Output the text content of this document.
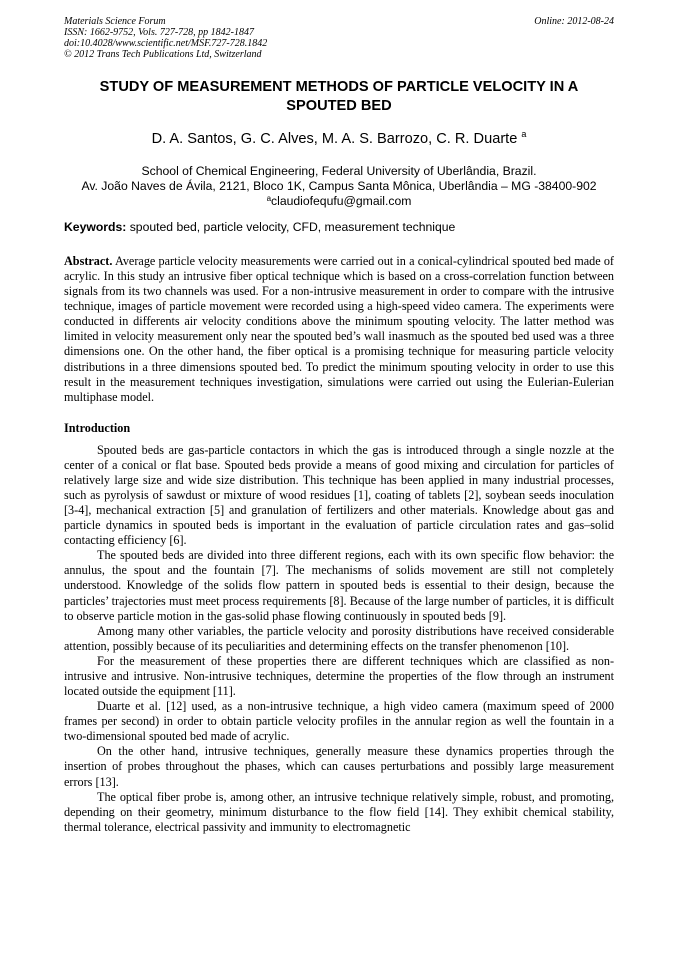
Materials Science Forum
ISSN: 1662-9752, Vols. 727-728, pp 1842-1847
doi:10.4028/www.scientific.net/MSF.727-728.1842
© 2012 Trans Tech Publications Ltd, Switzerland
Online: 2012-08-24
STUDY OF MEASUREMENT METHODS OF PARTICLE VELOCITY IN A
SPOUTED BED
D. A. Santos, G. C. Alves, M. A. S. Barrozo, C. R. Duarte $^a$
School of Chemical Engineering, Federal University of Uberlândia, Brazil.
Av. João Naves de Ávila, 2121, Bloco 1K, Campus Santa Mônica, Uberlândia – MG -38400-902
$^a$claudiofequfu@gmail.com
Keywords: spouted bed, particle velocity, CFD, measurement technique
Abstract. Average particle velocity measurements were carried out in a conical-cylindrical spouted bed made of acrylic. In this study an intrusive fiber optical technique which is based on a cross-correlation function between signals from its two channels was used. For a non-intrusive measurement in order to compare with the intrusive technique, images of particle movement were recorded using a high-speed video camera. The experiments were conducted in differents air velocity conditions above the minimum spouting velocity. The latter method was limited in velocity measurement only near the spouted bed’s wall inasmuch as the spouted bed used was a three dimensions one. On the other hand, the fiber optical is a promising technique for measuring particle velocity distributions in a three dimensions spouted bed. To predict the minimum spouting velocity in order to use this result in the measurement techniques investigation, simulations were carried out using the Eulerian-Eulerian multiphase model.
Introduction

Spouted beds are gas-particle contactors in which the gas is introduced through a single nozzle at the center of a conical or flat base. Spouted beds provide a means of good mixing and circulation for particles of relatively large size and wide size distribution. This technique has been applied in many industrial processes, such as pyrolysis of sawdust or mixture of wood residues [1], coating of tablets [2], soybean seeds inoculation [3-4], mechanical extraction [5] and granulation of fertilizers and other materials. Knowledge about gas and particle dynamics in spouted beds is important in the evaluation of particle circulation rates and gas–solid contacting efficiency [6].

The spouted beds are divided into three different regions, each with its own specific flow behavior: the annulus, the spout and the fountain [7]. The mechanisms of solids movement are still not completely understood. Knowledge of the solids flow pattern in spouted beds is essential to their design, because the particles’ trajectories must meet process requirements [8]. Because of the large number of particles, it is difficult to observe particle motion in the gas-solid phase flowing continuously in spouted beds [9].

Among many other variables, the particle velocity and porosity distributions have received considerable attention, possibly because of its peculiarities and determining effects on the transfer phenomenon [10].

For the measurement of these properties there are different techniques which are classified as non-intrusive and intrusive. Non-intrusive techniques, determine the properties of the flow through an instrument located outside the equipment [11].

Duarte et al. [12] used, as a non-intrusive technique, a high video camera (maximum speed of 2000 frames per second) in order to obtain particle velocity profiles in the annular region as well the fountain in a two-dimensional spouted bed made of acrylic.

On the other hand, intrusive techniques, generally measure these dynamics properties through the insertion of probes throughout the phases, which can causes perturbations and possibly large measurement errors [13].

The optical fiber probe is, among other, an intrusive technique relatively simple, robust, and promoting, depending on their geometry, minimum disturbance to the flow field [14]. They exhibit chemical stability, thermal tolerance, electrical passivity and immunity to electromagnetic
